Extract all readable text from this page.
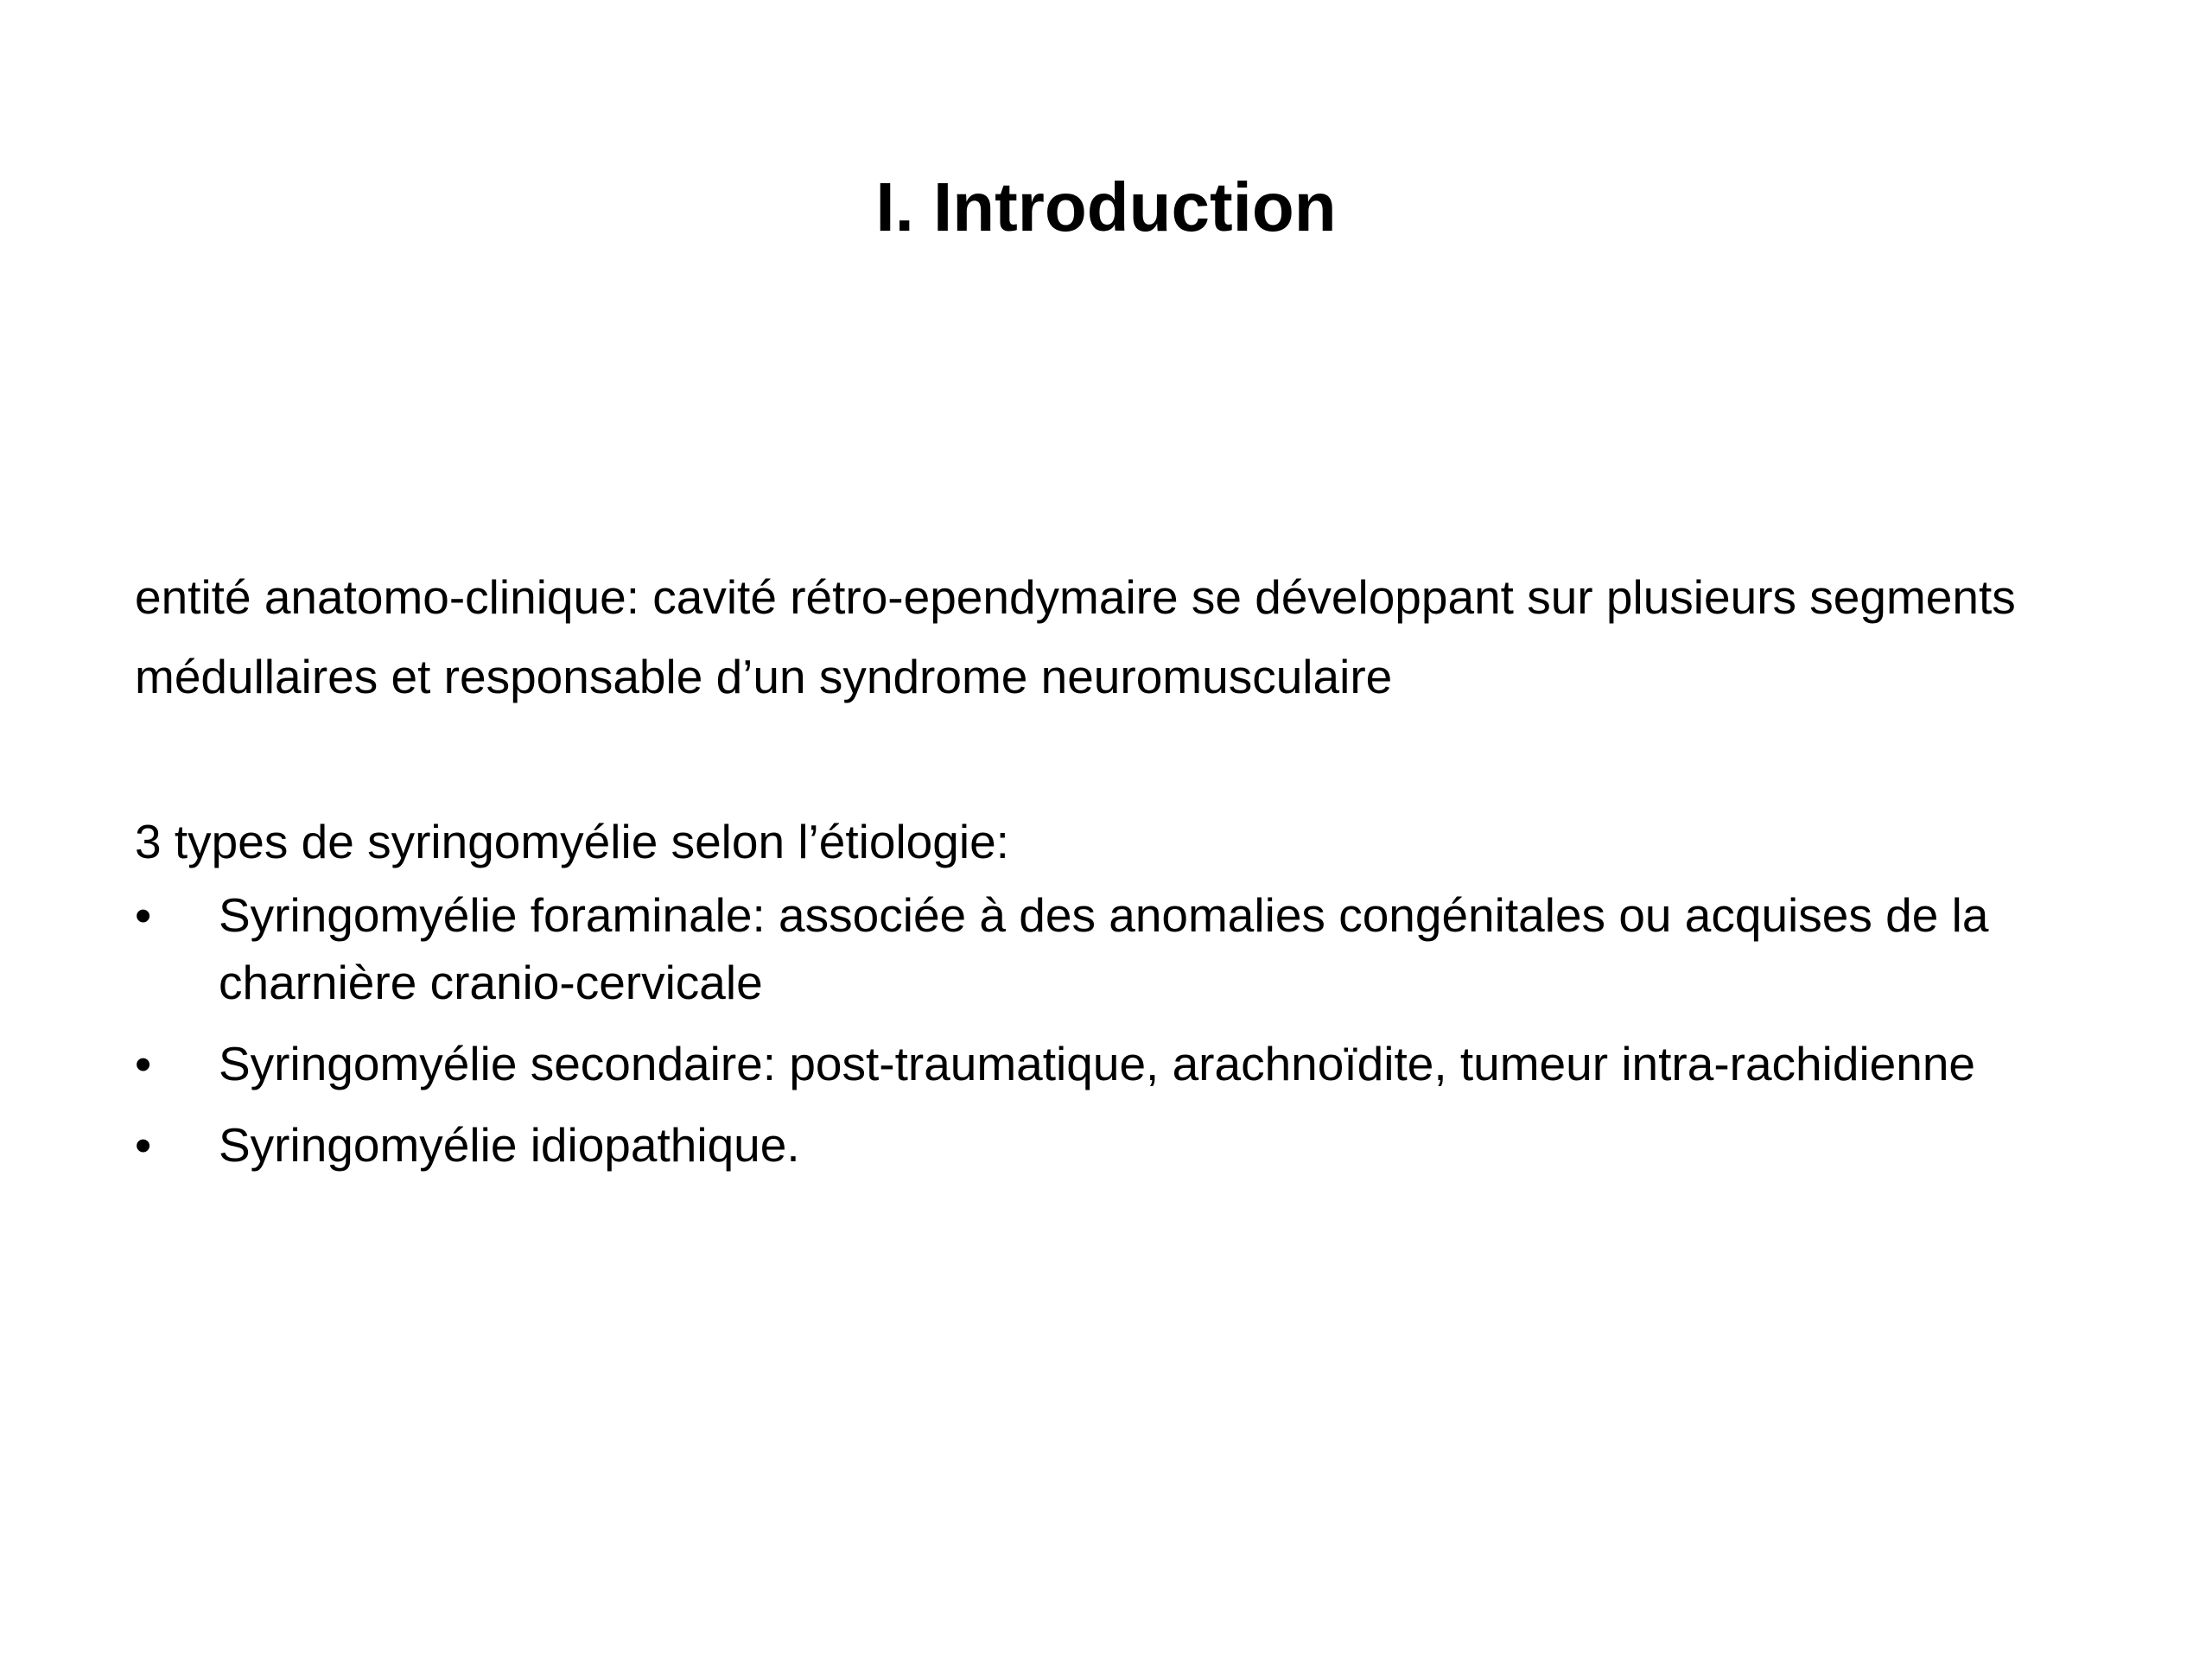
I. Introduction

entité anatomo-clinique: cavité rétro-ependymaire se développant sur plusieurs segments médullaires et responsable d’un syndrome neuromusculaire

3 types de syringomyélie selon l’étiologie:

• Syringomyélie foraminale: associée à des anomalies congénitales ou acquises de la charnière cranio-cervicale
• Syringomyélie secondaire: post-traumatique, arachnoïdite, tumeur intra-rachidienne
• Syringomyélie idiopathique.
